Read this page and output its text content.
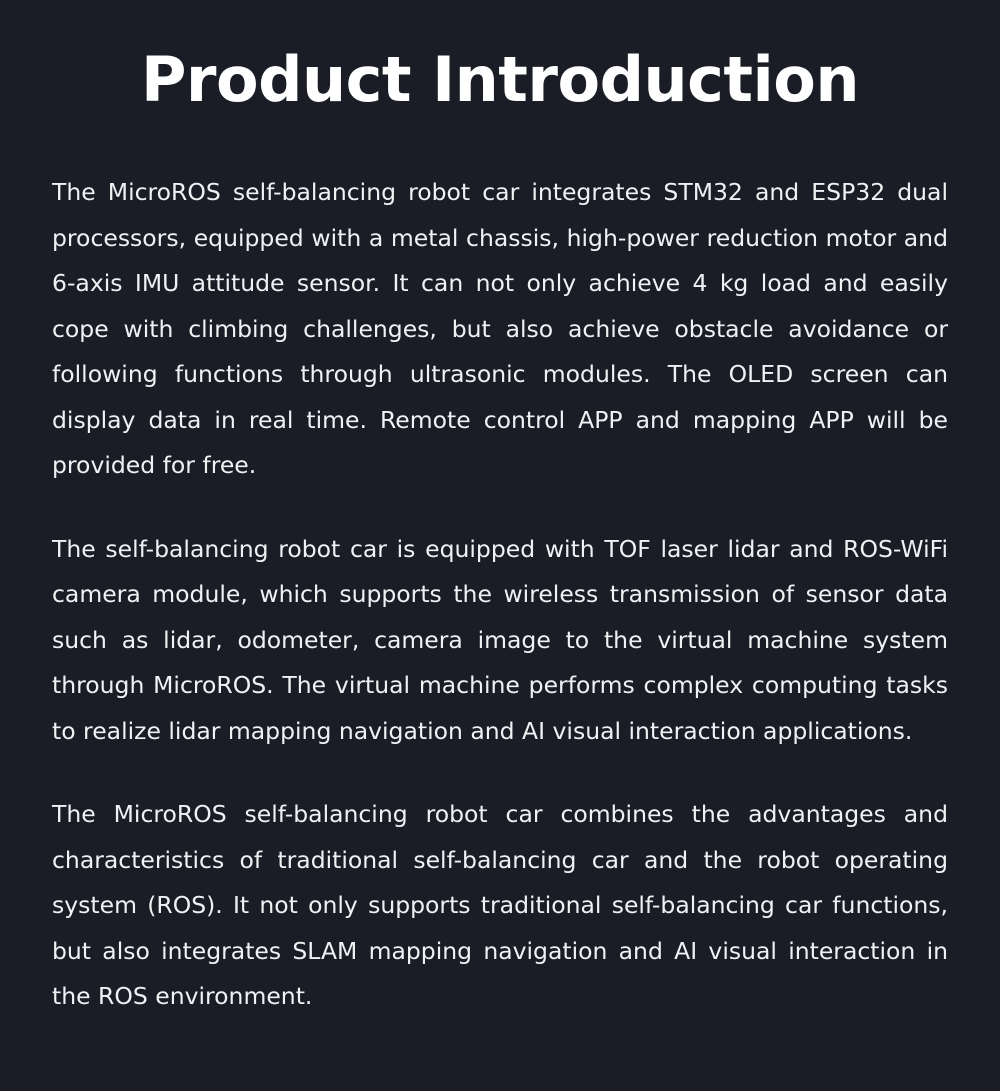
Product Introduction

The MicroROS self-balancing robot car integrates STM32 and ESP32 dual processors, equipped with a metal chassis, high-power reduction motor and 6-axis IMU attitude sensor. It can not only achieve 4 kg load and easily cope with climbing challenges, but also achieve obstacle avoidance or following functions through ultrasonic modules. The OLED screen can display data in real time. Remote control APP and mapping APP will be provided for free.

The self-balancing robot car is equipped with TOF laser lidar and ROS-WiFi camera module, which supports the wireless transmission of sensor data such as lidar, odometer, camera image to the virtual machine system through MicroROS. The virtual machine performs complex computing tasks to realize lidar mapping navigation and AI visual interaction applications.

The MicroROS self-balancing robot car combines the advantages and characteristics of traditional self-balancing car and the robot operating system (ROS). It not only supports traditional self-balancing car functions, but also integrates SLAM mapping navigation and AI visual interaction in the ROS environment.
